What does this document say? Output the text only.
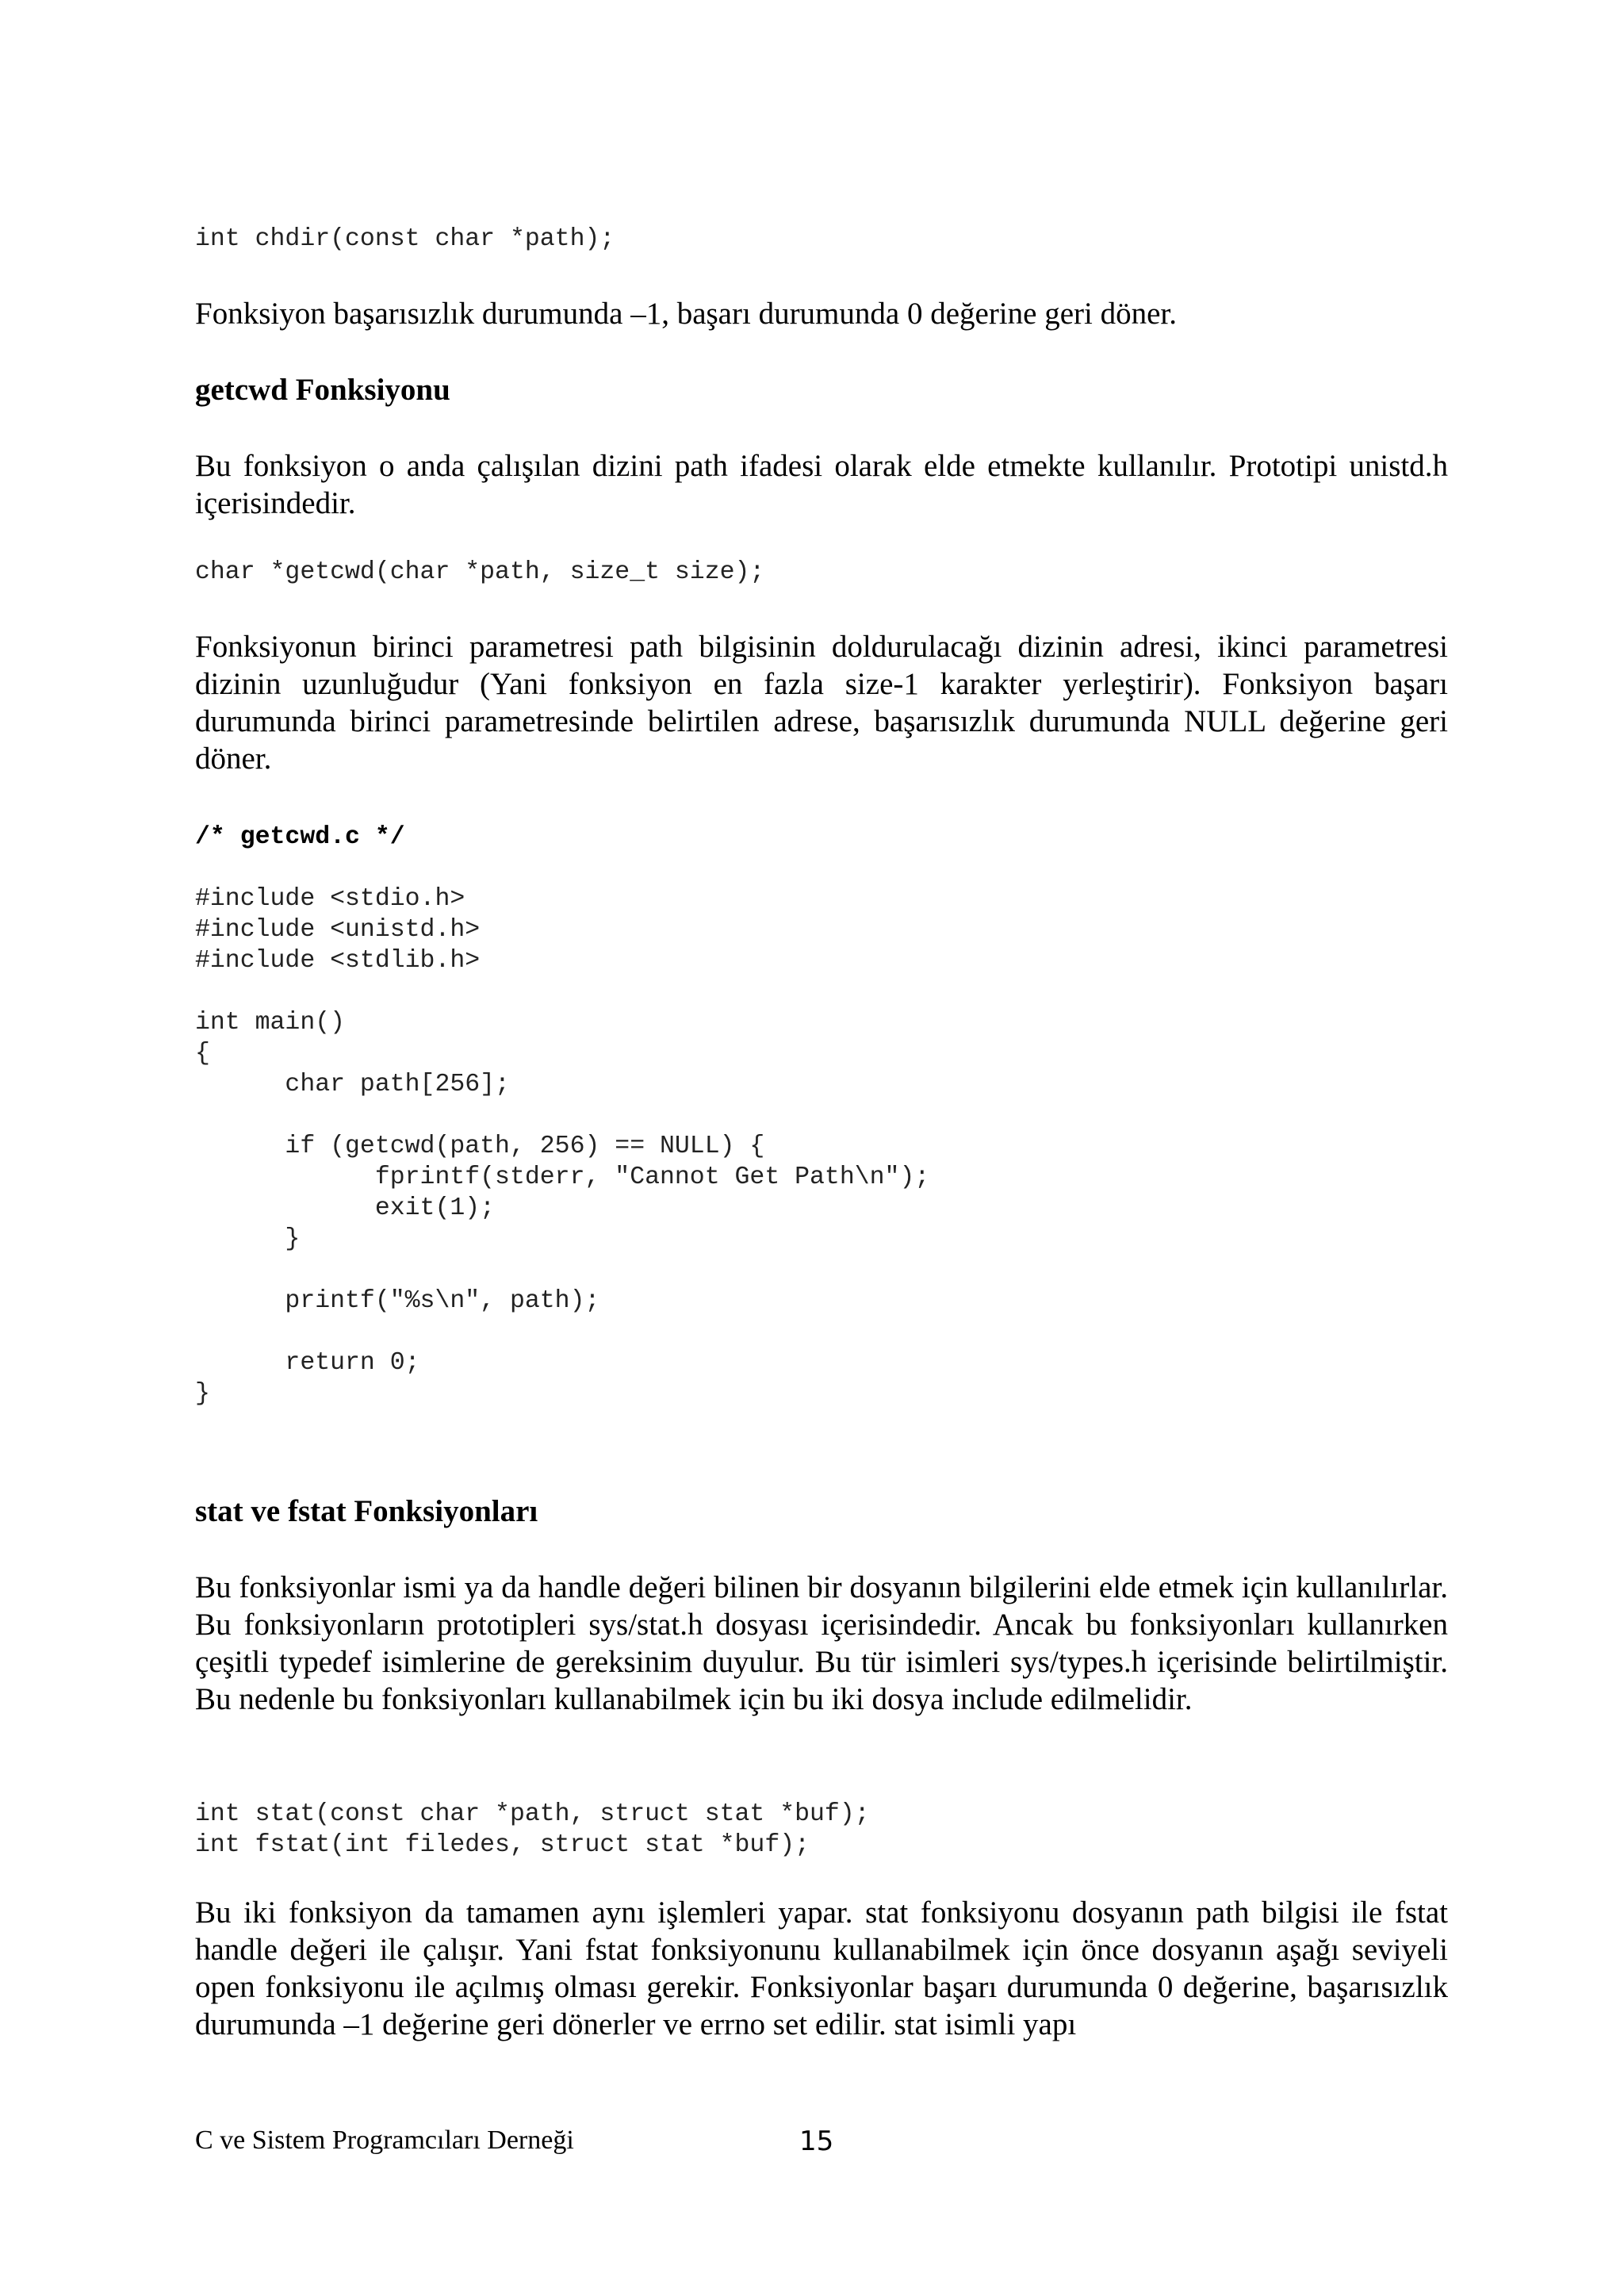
int chdir(const char *path);

Fonksiyon başarısızlık durumunda –1, başarı durumunda 0 değerine geri döner.

getcwd Fonksiyonu

Bu fonksiyon o anda çalışılan dizini path ifadesi olarak elde etmekte kullanılır. Prototipi unistd.h içerisindedir.

char *getcwd(char *path, size_t size);

Fonksiyonun birinci parametresi path bilgisinin doldurulacağı dizinin adresi, ikinci parametresi dizinin uzunluğudur (Yani fonksiyon en fazla size-1 karakter yerleştirir). Fonksiyon başarı durumunda birinci parametresinde belirtilen adrese, başarısızlık durumunda NULL değerine geri döner.

/* getcwd.c */
#include <stdio.h>
#include <unistd.h>
#include <stdlib.h>
int main()
{
char path[256];

if (getcwd(path, 256) == NULL) {
fprintf(stderr, "Cannot Get Path\n");
exit(1);
}

printf("%s\n", path);

return 0;
}

stat ve fstat Fonksiyonları

Bu fonksiyonlar ismi ya da handle değeri bilinen bir dosyanın bilgilerini elde etmek için kullanılırlar. Bu fonksiyonların prototipleri sys/stat.h dosyası içerisindedir. Ancak bu fonksiyonları kullanırken çeşitli typedef isimlerine de gereksinim duyulur. Bu tür isimleri sys/types.h içerisinde belirtilmiştir. Bu nedenle bu fonksiyonları kullanabilmek için bu iki dosya include edilmelidir.

int stat(const char *path, struct stat *buf);
int fstat(int filedes, struct stat *buf);

Bu iki fonksiyon da tamamen aynı işlemleri yapar. stat fonksiyonu dosyanın path bilgisi ile fstat handle değeri ile çalışır. Yani fstat fonksiyonunu kullanabilmek için önce dosyanın aşağı seviyeli open fonksiyonu ile açılmış olması gerekir. Fonksiyonlar başarı durumunda 0 değerine, başarısızlık durumunda –1 değerine geri dönerler ve errno set edilir. stat isimli yapı

C ve Sistem Programcıları Derneği	15
